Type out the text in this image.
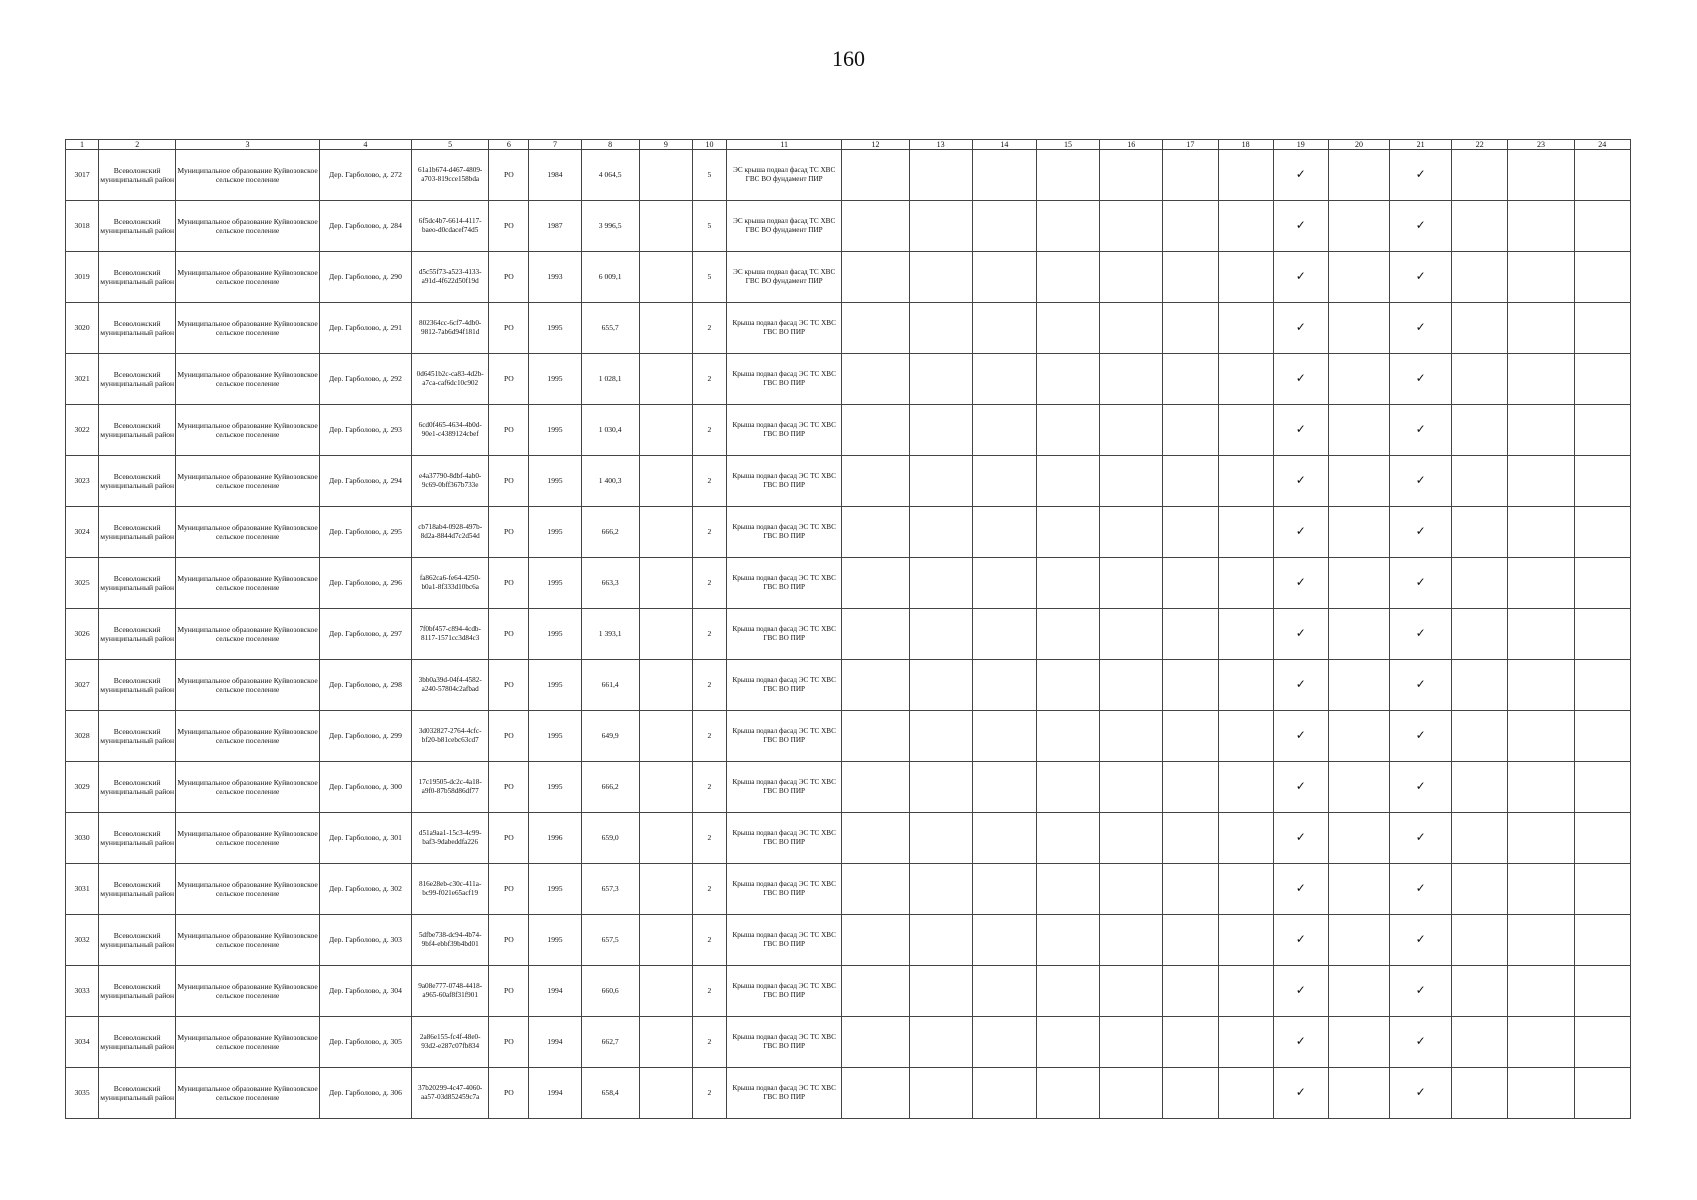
160
1	2	3	4	5	6	7	8	9	10	11	12	13	14	15	16	17	18	19	20	21	22	23	24
3017	Всеволожский муниципальный район	Муниципальное образование Куйвозовское сельское поселение	Дер. Гарболово, д. 272	61a1b674-d467-4809-a703-819cce158bda	РО	1984	4 064,5		5	ЭС крыша подвал фасад ТС ХВС ГВС ВО фундамент ПИР								✓		✓			
3018	Всеволожский муниципальный район	Муниципальное образование Куйвозовское сельское поселение	Дер. Гарболово, д. 284	6f5dc4b7-6614-4117-baeo-d0cdacef74d5	РО	1987	3 996,5		5	ЭС крыша подвал фасад ТС ХВС ГВС ВО фундамент ПИР								✓		✓			
3019	Всеволожский муниципальный район	Муниципальное образование Куйвозовское сельское поселение	Дер. Гарболово, д. 290	d5c55f73-a523-4133-a91d-4f622d50f19d	РО	1993	6 009,1		5	ЭС крыша подвал фасад ТС ХВС ГВС ВО фундамент ПИР								✓		✓			
3020	Всеволожский муниципальный район	Муниципальное образование Куйвозовское сельское поселение	Дер. Гарболово, д. 291	802364cc-6cf7-4db0-9812-7ab6d94f181d	РО	1995	655,7		2	Крыша подвал фасад ЭС ТС ХВС ГВС ВО ПИР								✓		✓			
3021	Всеволожский муниципальный район	Муниципальное образование Куйвозовское сельское поселение	Дер. Гарболово, д. 292	0d6451b2c-ca83-4d2b-a7ca-caf6dc10c902	РО	1995	1 028,1		2	Крыша подвал фасад ЭС ТС ХВС ГВС ВО ПИР								✓		✓			
3022	Всеволожский муниципальный район	Муниципальное образование Куйвозовское сельское поселение	Дер. Гарболово, д. 293	6cd0f465-4634-4b0d-90e1-c4389124cbef	РО	1995	1 030,4		2	Крыша подвал фасад ЭС ТС ХВС ГВС ВО ПИР								✓		✓			
3023	Всеволожский муниципальный район	Муниципальное образование Куйвозовское сельское поселение	Дер. Гарболово, д. 294	e4a37790-8dbf-4ab0-9c69-0bff367b733e	РО	1995	1 400,3		2	Крыша подвал фасад ЭС ТС ХВС ГВС ВО ПИР								✓		✓			
3024	Всеволожский муниципальный район	Муниципальное образование Куйвозовское сельское поселение	Дер. Гарболово, д. 295	cb718ab4-0928-497b-8d2a-8844d7c2d54d	РО	1995	666,2		2	Крыша подвал фасад ЭС ТС ХВС ГВС ВО ПИР								✓		✓			
3025	Всеволожский муниципальный район	Муниципальное образование Куйвозовское сельское поселение	Дер. Гарболово, д. 296	fa862ca6-fe64-4250-b0a1-8f333d10bc6a	РО	1995	663,3		2	Крыша подвал фасад ЭС ТС ХВС ГВС ВО ПИР								✓		✓			
3026	Всеволожский муниципальный район	Муниципальное образование Куйвозовское сельское поселение	Дер. Гарболово, д. 297	7f0bf457-c894-4cdb-8117-1571cc3d84c3	РО	1995	1 393,1		2	Крыша подвал фасад ЭС ТС ХВС ГВС ВО ПИР								✓		✓			
3027	Всеволожский муниципальный район	Муниципальное образование Куйвозовское сельское поселение	Дер. Гарболово, д. 298	3bb0a39d-04f4-4582-a240-57804c2afbad	РО	1995	661,4		2	Крыша подвал фасад ЭС ТС ХВС ГВС ВО ПИР								✓		✓			
3028	Всеволожский муниципальный район	Муниципальное образование Куйвозовское сельское поселение	Дер. Гарболово, д. 299	3d032827-2764-4cfc-bf20-b81cebc63cd7	РО	1995	649,9		2	Крыша подвал фасад ЭС ТС ХВС ГВС ВО ПИР								✓		✓			
3029	Всеволожский муниципальный район	Муниципальное образование Куйвозовское сельское поселение	Дер. Гарболово, д. 300	17c19505-dc2c-4a18-a9f0-87b58d86df77	РО	1995	666,2		2	Крыша подвал фасад ЭС ТС ХВС ГВС ВО ПИР								✓		✓			
3030	Всеволожский муниципальный район	Муниципальное образование Куйвозовское сельское поселение	Дер. Гарболово, д. 301	d51a9aa1-15c3-4c99-baf3-9dabeddfa226	РО	1996	659,0		2	Крыша подвал фасад ЭС ТС ХВС ГВС ВО ПИР								✓		✓			
3031	Всеволожский муниципальный район	Муниципальное образование Куйвозовское сельское поселение	Дер. Гарболово, д. 302	816e28eb-c30c-411a-bc99-f021e65acf19	РО	1995	657,3		2	Крыша подвал фасад ЭС ТС ХВС ГВС ВО ПИР								✓		✓			
3032	Всеволожский муниципальный район	Муниципальное образование Куйвозовское сельское поселение	Дер. Гарболово, д. 303	5dfbe738-dc94-4b74-9bf4-ebbf39b4bd01	РО	1995	657,5		2	Крыша подвал фасад ЭС ТС ХВС ГВС ВО ПИР								✓		✓			
3033	Всеволожский муниципальный район	Муниципальное образование Куйвозовское сельское поселение	Дер. Гарболово, д. 304	9a08e777-0748-4418-a965-60af8f31f901	РО	1994	660,6		2	Крыша подвал фасад ЭС ТС ХВС ГВС ВО ПИР								✓		✓			
3034	Всеволожский муниципальный район	Муниципальное образование Куйвозовское сельское поселение	Дер. Гарболово, д. 305	2a86e155-fc4f-48e0-93d2-e287c07fb834	РО	1994	662,7		2	Крыша подвал фасад ЭС ТС ХВС ГВС ВО ПИР								✓		✓			
3035	Всеволожский муниципальный район	Муниципальное образование Куйвозовское сельское поселение	Дер. Гарболово, д. 306	37b20299-4c47-4060-aa57-03d852459c7a	РО	1994	658,4		2	Крыша подвал фасад ЭС ТС ХВС ГВС ВО ПИР								✓		✓			
